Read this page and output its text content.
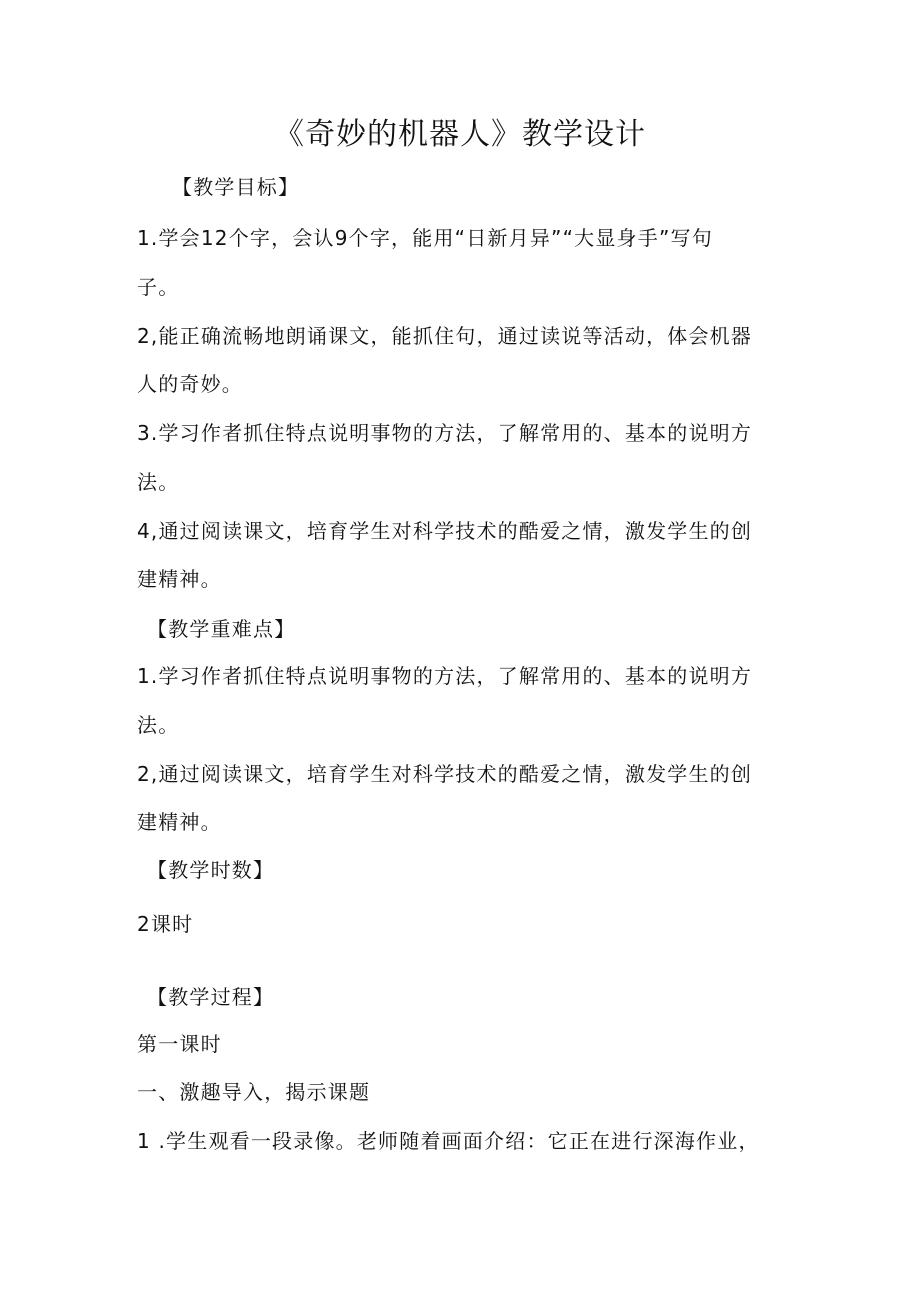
《奇妙的机器人》教学设计
【教学目标】
1.学会12个字，会认9个字，能用“日新月异”“大显身手”写句
子。
2,能正确流畅地朗诵课文，能抓住句，通过读说等活动，体会机器
人的奇妙。
3.学习作者抓住特点说明事物的方法，了解常用的、基本的说明方
法。
4,通过阅读课文，培育学生对科学技术的酷爱之情，激发学生的创
建精神。
【教学重难点】
1.学习作者抓住特点说明事物的方法，了解常用的、基本的说明方
法。
2,通过阅读课文，培育学生对科学技术的酷爱之情，激发学生的创
建精神。
【教学时数】
2课时
【教学过程】
第一课时
一、激趣导入，揭示课题
1 .学生观看一段录像。老师随着画面介绍：它正在进行深海作业，
